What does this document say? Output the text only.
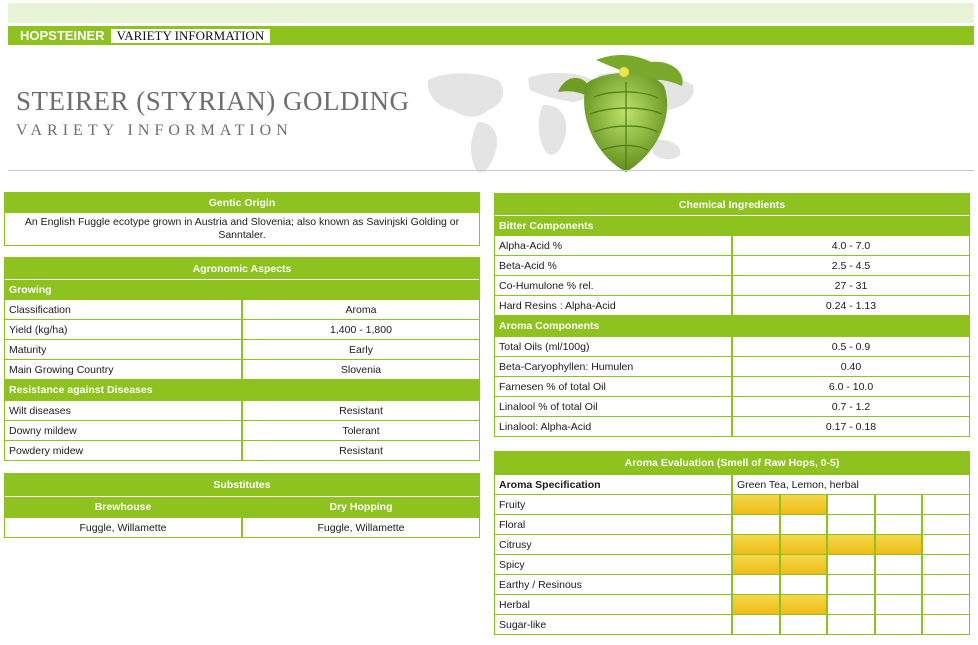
HOPSTEINER VARIETY INFORMATION
STEIRER (STYRIAN) GOLDING
VARIETY INFORMATION
Gentic Origin
An English Fuggle ecotype grown in Austria and Slovenia; also known as Savinjski Golding or Sanntaler.
Agronomic Aspects
Growing
Classification	Aroma
Yield (kg/ha)	1,400 - 1,800
Maturity	Early
Main Growing Country	Slovenia
Resistance against Diseases
Wilt diseases	Resistant
Downy mildew	Tolerant
Powdery midew	Resistant
Substitutes
Brewhouse	Dry Hopping
Fuggle, Willamette	Fuggle, Willamette
Chemical Ingredients
Bitter Components
Alpha-Acid %	4.0 - 7.0
Beta-Acid %	2.5 - 4.5
Co-Humulone % rel.	27 - 31
Hard Resins : Alpha-Acid	0.24 - 1.13
Aroma Components
Total Oils (ml/100g)	0.5 - 0.9
Beta-Caryophyllen: Humulen	0.40
Farnesen % of total Oil	6.0 - 10.0
Linalool % of total Oil	0.7 - 1.2
Linalool: Alpha-Acid	0.17 - 0.18
Aroma Evaluation (Smell of Raw Hops, 0-5)
Aroma Specification	Green Tea, Lemon, herbal
Fruity
Floral
Citrusy
Spicy
Earthy / Resinous
Herbal
Sugar-like
